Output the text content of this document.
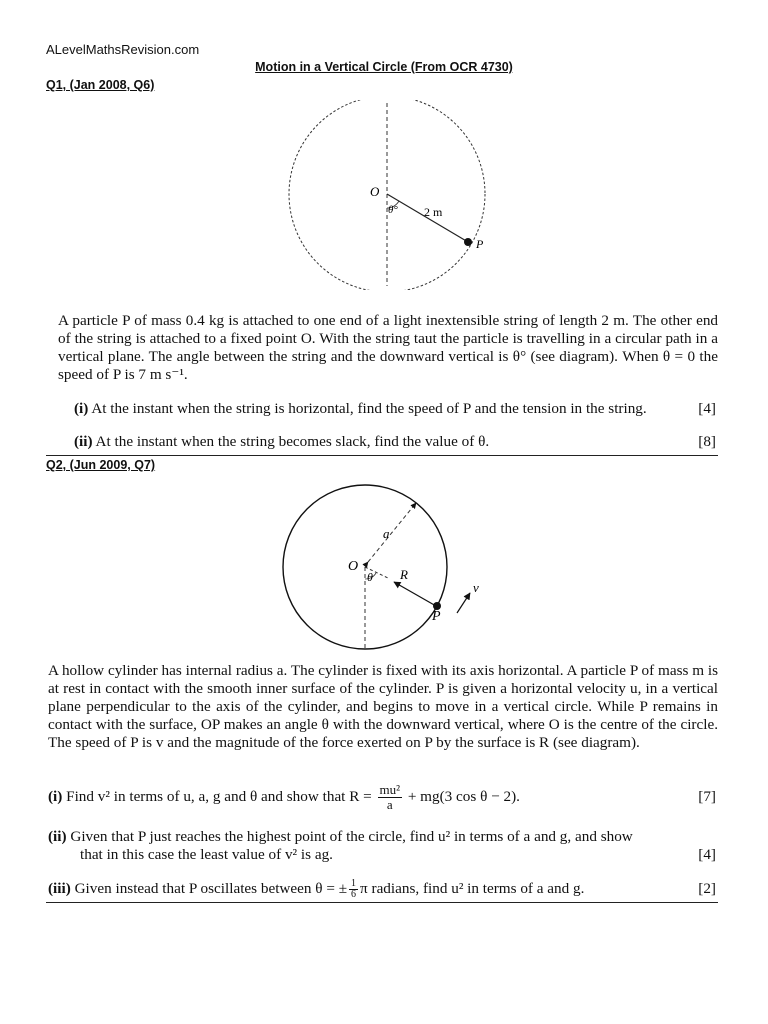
ALevelMathsRevision.com
Motion in a Vertical Circle (From OCR 4730)
Q1, (Jan 2008, Q6)
O
θ° 2 m
P
A particle P of mass 0.4 kg is attached to one end of a light inextensible string of length 2 m. The other end of the string is attached to a fixed point O. With the string taut the particle is travelling in a circular path in a vertical plane. The angle between the string and the downward vertical is θ° (see diagram). When θ = 0 the speed of P is 7 m s⁻¹.
(i) At the instant when the string is horizontal, find the speed of P and the tension in the string.	[4]
(ii) At the instant when the string becomes slack, find the value of θ.	[8]
Q2, (Jun 2009, Q7)
a
O
θ R
v
P
A hollow cylinder has internal radius a. The cylinder is fixed with its axis horizontal. A particle P of mass m is at rest in contact with the smooth inner surface of the cylinder. P is given a horizontal velocity u, in a vertical plane perpendicular to the axis of the cylinder, and begins to move in a vertical circle. While P remains in contact with the surface, OP makes an angle θ with the downward vertical, where O is the centre of the circle. The speed of P is v and the magnitude of the force exerted on P by the surface is R (see diagram).
(i) Find v² in terms of u, a, g and θ and show that $R = \frac{\text{mu²}}{a} + mg(3$ cos θ − 2).	[7]
(ii) Given that P just reaches the highest point of the circle, find u² in terms of a and g, and show
that in this case the least value of v² is ag.	[4]
(iii) Given instead that P oscillates between θ = ± $\frac{1}{6}$ π radians, find u² in terms of a and g.	[2]
